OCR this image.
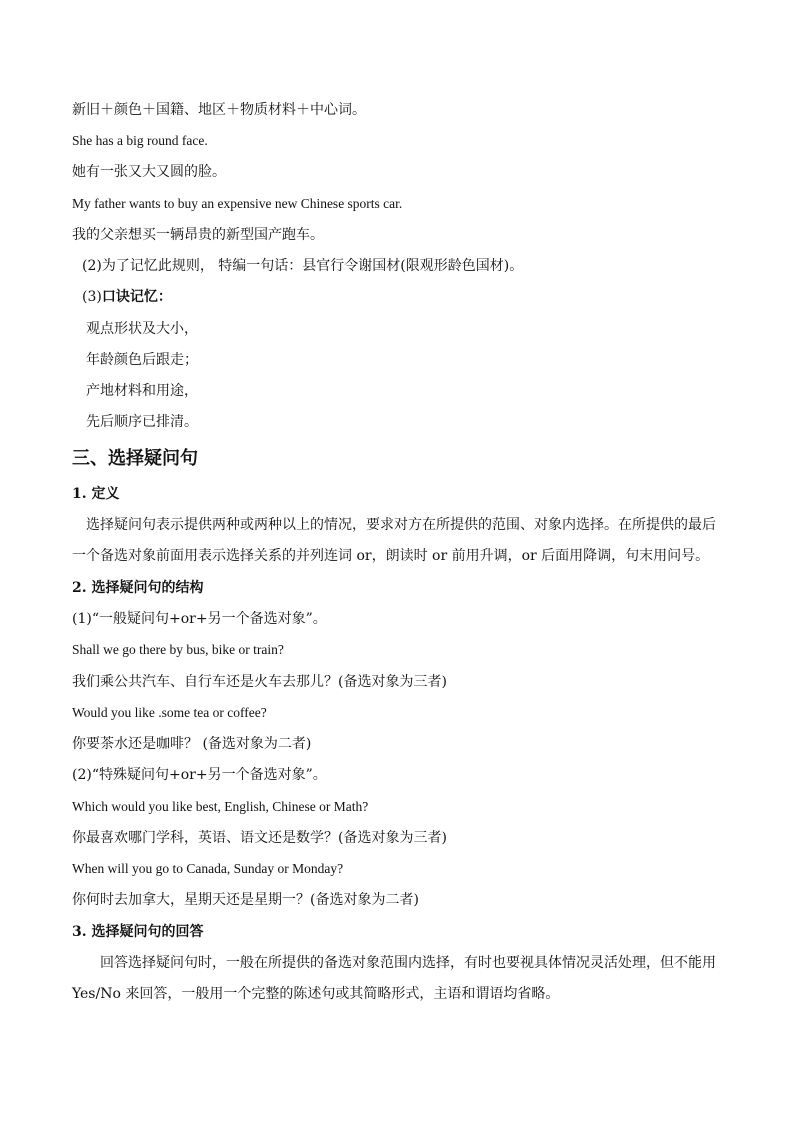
新旧＋颜色＋国籍、地区＋物质材料＋中心词。
She has a big round face.
她有一张又大又圆的脸。
My father wants to buy an expensive new Chinese sports car.
我的父亲想买一辆昂贵的新型国产跑车。
(2)为了记忆此规则， 特编一句话：县官行令谢国材(限观形龄色国材)。
(3)口诀记忆：
观点形状及大小，
年龄颜色后跟走；
产地材料和用途，
先后顺序已排清。
三、选择疑问句
1. 定义
选择疑问句表示提供两种或两种以上的情况，要求对方在所提供的范围、对象内选择。在所提供的最后
一个备选对象前面用表示选择关系的并列连词 or，朗读时 or 前用升调，or 后面用降调，句末用问号。
2. 选择疑问句的结构
(1)“一般疑问句+or+另一个备选对象”。
Shall we go there by bus, bike or train?
我们乘公共汽车、自行车还是火车去那儿？(备选对象为三者)
Would you like .some tea or coffee?
你要茶水还是咖啡？ (备选对象为二者)
(2)“特殊疑问句+or+另一个备选对象”。
Which would you like best, English, Chinese or Math?
你最喜欢哪门学科，英语、语文还是数学？(备选对象为三者)
When will you go to Canada, Sunday or Monday?
你何时去加拿大，星期天还是星期一？(备选对象为二者)
3. 选择疑问句的回答
回答选择疑问句时，一般在所提供的备选对象范围内选择，有时也要视具体情况灵活处理，但不能用
Yes/No 来回答，一般用一个完整的陈述句或其简略形式，主语和谓语均省略。
